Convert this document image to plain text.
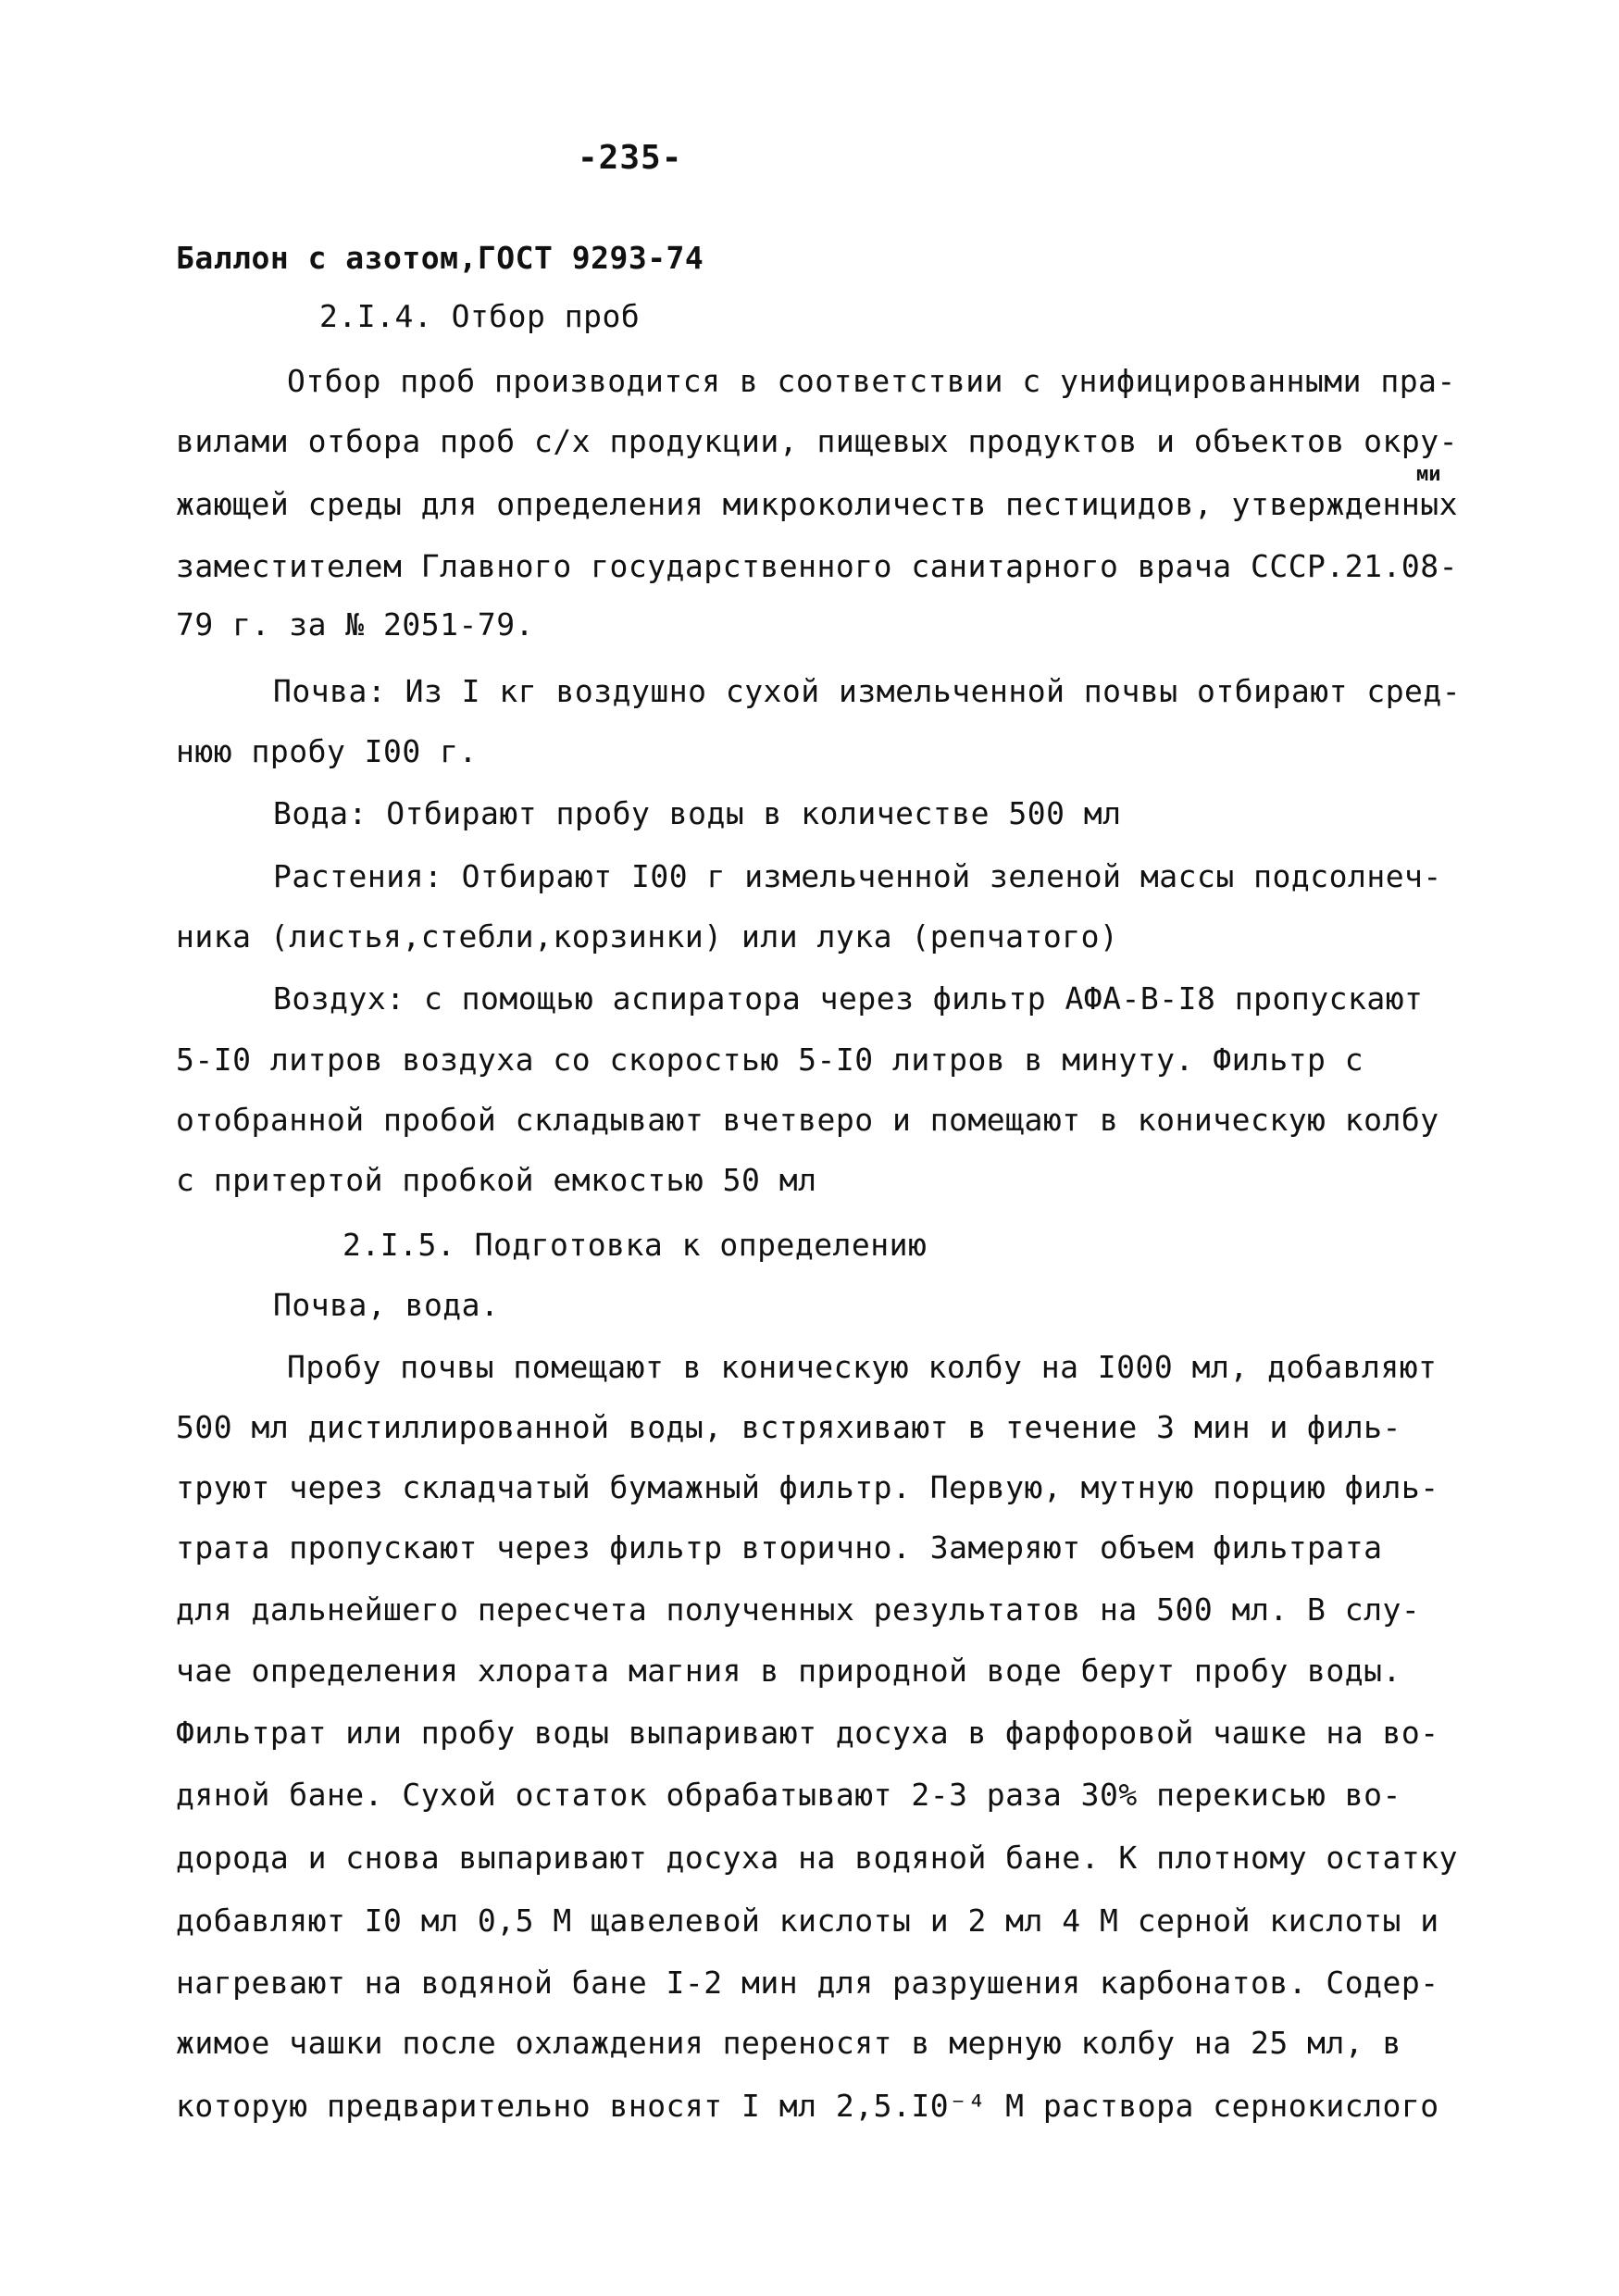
-235-
Баллон с азотом,ГОСТ 9293-74
2.I.4. Отбор проб
Отбор проб производится в соответствии с унифицированными пра-
вилами отбора проб с/х продукции, пищевых продуктов и объектов окру-
ми
жающей среды для определения микроколичеств пестицидов, утвержденных
заместителем Главного государственного санитарного врача СССР.21.08-
79 г. за № 2051-79.
Почва: Из I кг воздушно сухой измельченной почвы отбирают сред-
нюю пробу I00 г.
Вода: Отбирают пробу воды в количестве 500 мл
Растения: Отбирают I00 г измельченной зеленой массы подсолнеч-
ника (листья,стебли,корзинки) или лука (репчатого)
Воздух: с помощью аспиратора через фильтр АФА-В-I8 пропускают
5-I0 литров воздуха со скоростью 5-I0 литров в минуту. Фильтр с
отобранной пробой складывают вчетверо и помещают в коническую колбу
с притертой пробкой емкостью 50 мл
2.I.5. Подготовка к определению
Почва, вода.
Пробу почвы помещают в коническую колбу на I000 мл, добавляют
500 мл дистиллированной воды, встряхивают в течение 3 мин и филь-
труют через складчатый бумажный фильтр. Первую, мутную порцию филь-
трата пропускают через фильтр вторично. Замеряют объем фильтрата
для дальнейшего пересчета полученных результатов на 500 мл. В слу-
чае определения хлората магния в природной воде берут пробу воды.
Фильтрат или пробу воды выпаривают досуха в фарфоровой чашке на во-
дяной бане. Сухой остаток обрабатывают 2-3 раза 30% перекисью во-
дорода и снова выпаривают досуха на водяной бане. К плотному остатку
добавляют I0 мл 0,5 М щавелевой кислоты и 2 мл 4 М серной кислоты и
нагревают на водяной бане I-2 мин для разрушения карбонатов. Содер-
жимое чашки после охлаждения переносят в мерную колбу на 25 мл, в
которую предварительно вносят I мл 2,5.I0⁻⁴ М раствора сернокислого
